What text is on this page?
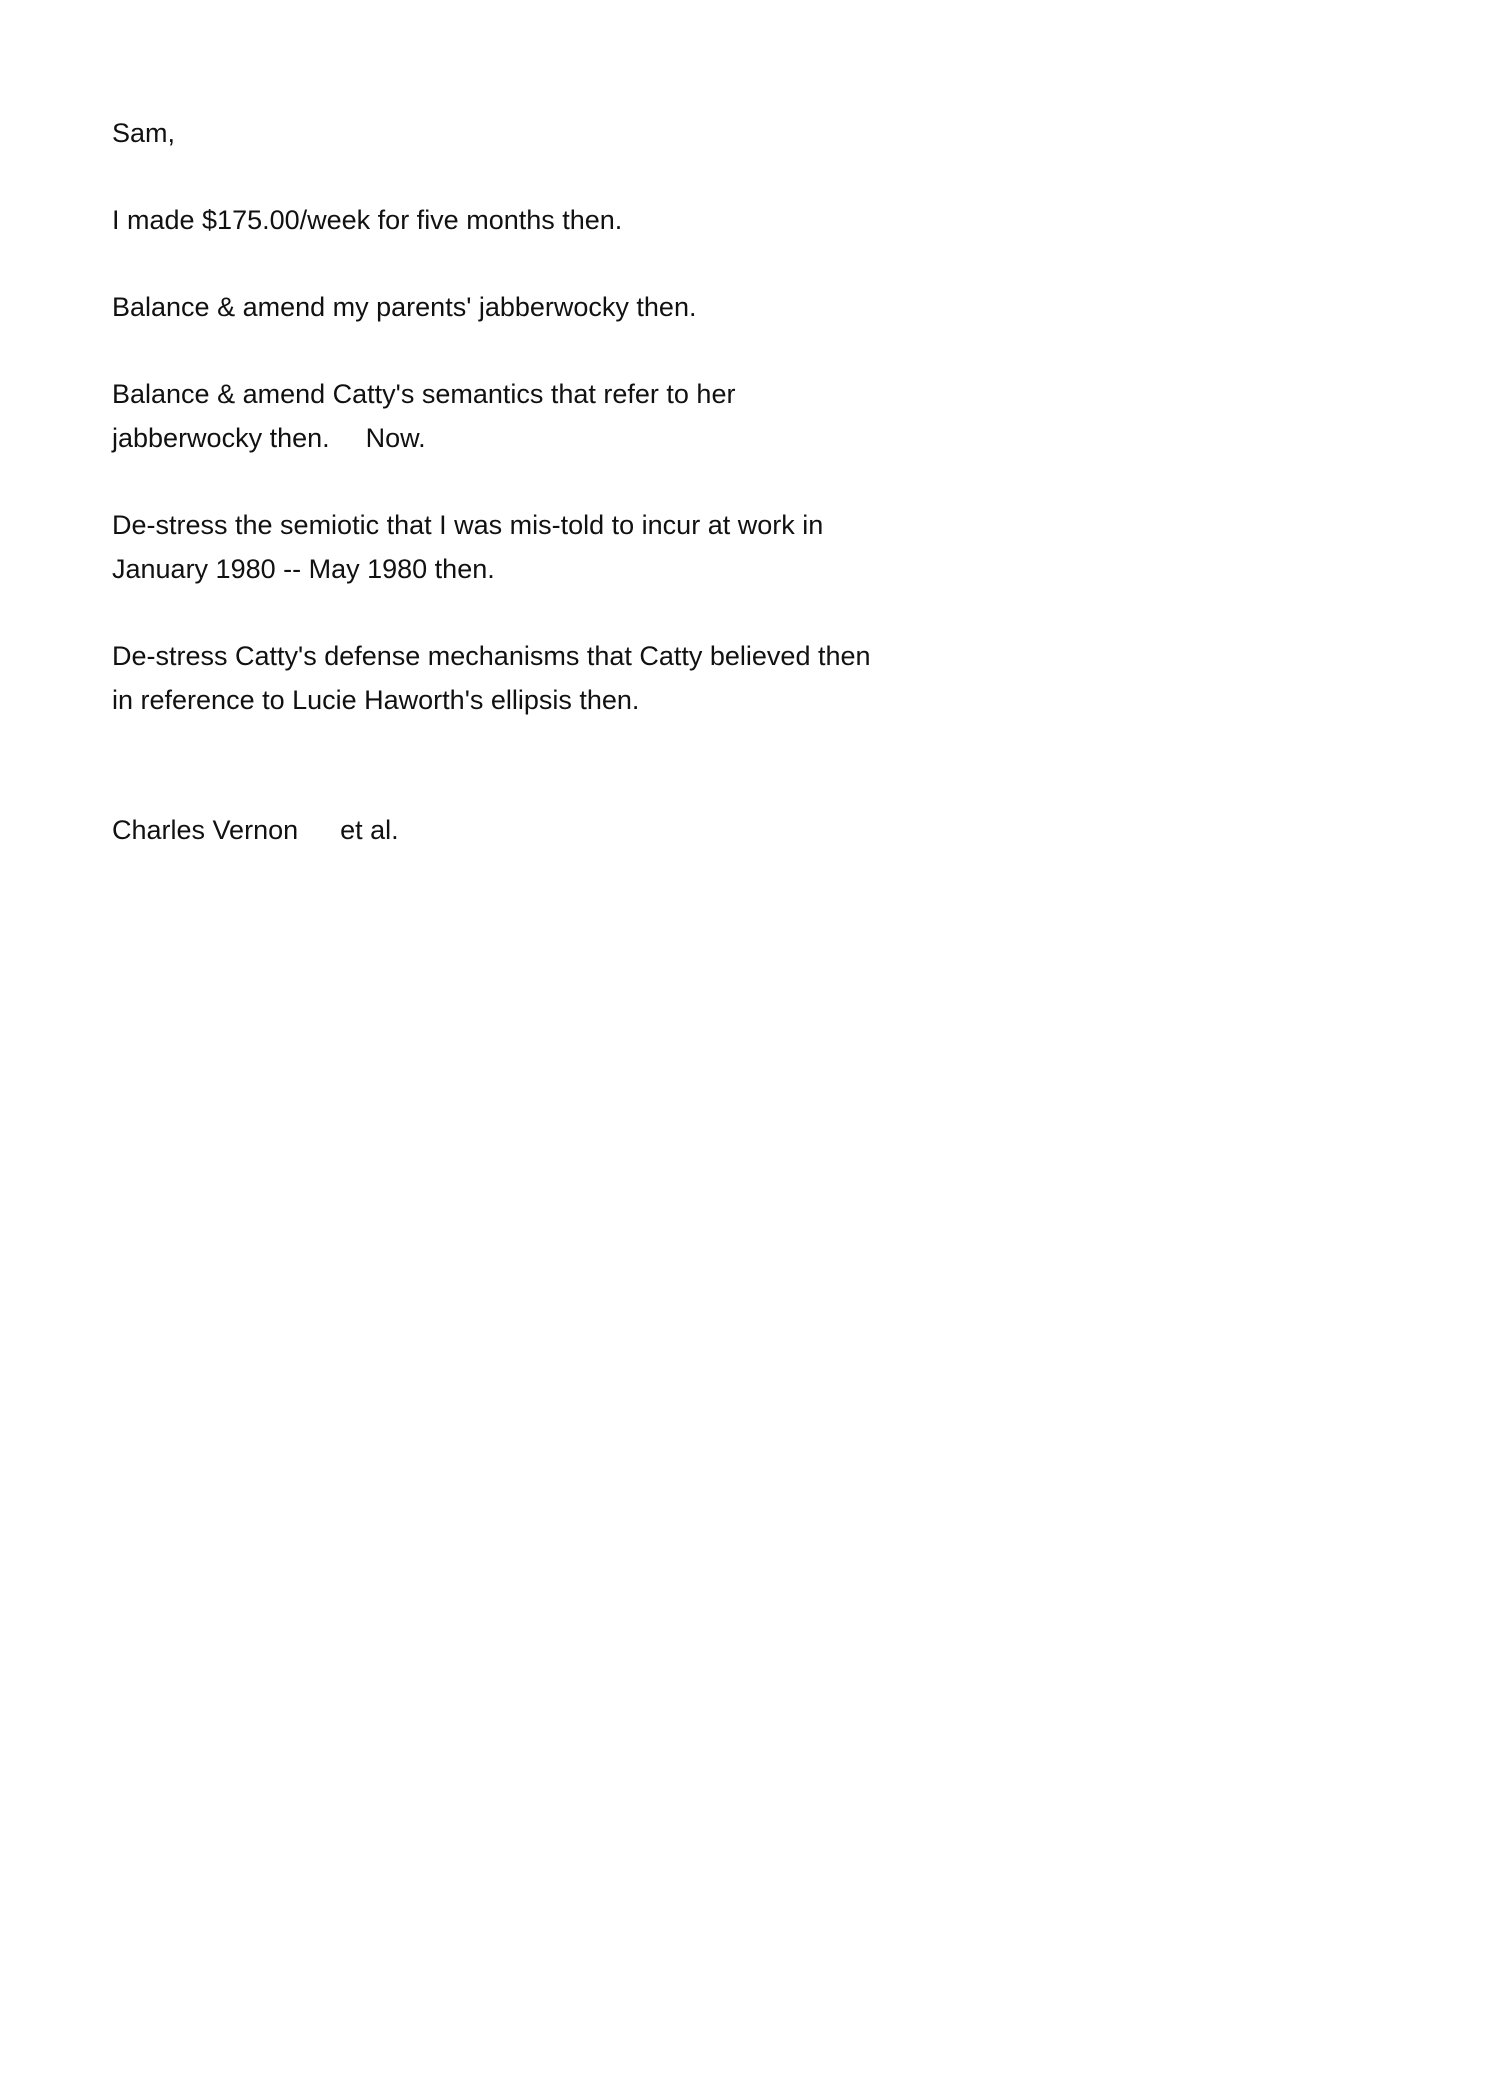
Sam,

I made $175.00/week for five months then.

Balance & amend my parents' jabberwocky then.

Balance & amend Catty's semantics that refer to her

jabberwocky then. Now.

De-stress the semiotic that I was mis-told to incur at work in

January 1980 -- May 1980 then.

De-stress Catty's defense mechanisms that Catty believed then

in reference to Lucie Haworth's ellipsis then.

Charles Vernon et al.
